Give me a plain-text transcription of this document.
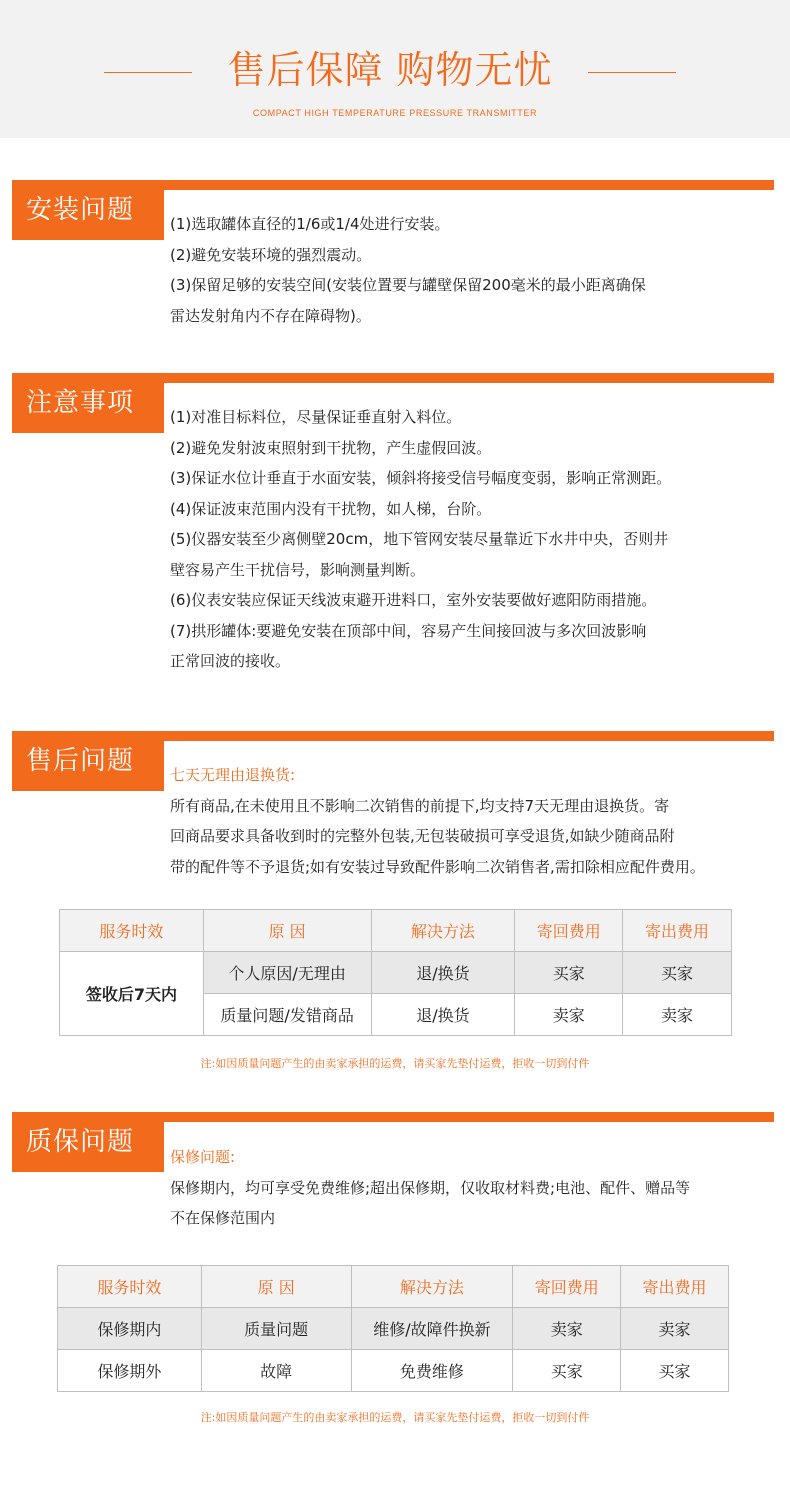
售后保障 购物无忧
COMPACT HIGH TEMPERATURE PRESSURE TRANSMITTER
安装问题	(1)选取罐体直径的1/6或1/4处进行安装。

(2)避免安装环境的强烈震动。

(3)保留足够的安装空间(安装位置要与罐壁保留200毫米的最小距离确保

雷达发射角内不存在障碍物)。

注意事项	(1)对准目标料位，尽量保证垂直射入料位。

(2)避免发射波束照射到干扰物，产生虚假回波。

(3)保证水位计垂直于水面安装，倾斜将接受信号幅度变弱，影响正常测距。

(4)保证波束范围内没有干扰物，如人梯，台阶。

(5)仪器安装至少离侧壁20cm，地下管网安装尽量靠近下水井中央，否则井

壁容易产生干扰信号，影响测量判断。

(6)仪表安装应保证天线波束避开进料口，室外安装要做好遮阳防雨措施。

(7)拱形罐体:要避免安装在顶部中间，容易产生间接回波与多次回波影响

正常回波的接收。

售后问题	七天无理由退换货:

所有商品,在未使用且不影响二次销售的前提下,均支持7天无理由退换货。寄

回商品要求具备收到时的完整外包装,无包装破损可享受退货,如缺少随商品附

带的配件等不予退货;如有安装过导致配件影响二次销售者,需扣除相应配件费用。

服务时效	原 因	解决方法	寄回费用	寄出费用
签收后7天内	个人原因/无理由	退/换货	买家	买家
	质量问题/发错商品	退/换货	卖家	卖家
注:如因质量问题产生的由卖家承担的运费，请买家先垫付运费，拒收一切到付件
质保问题	保修问题:

保修期内，均可享受免费维修;超出保修期，仅收取材料费;电池、配件、赠品等

不在保修范围内

服务时效	原 因	解决方法	寄回费用	寄出费用
保修期内	质量问题	维修/故障件换新	卖家	卖家
保修期外	故障	免费维修	买家	买家
注:如因质量问题产生的由卖家承担的运费，请买家先垫付运费，拒收一切到付件
